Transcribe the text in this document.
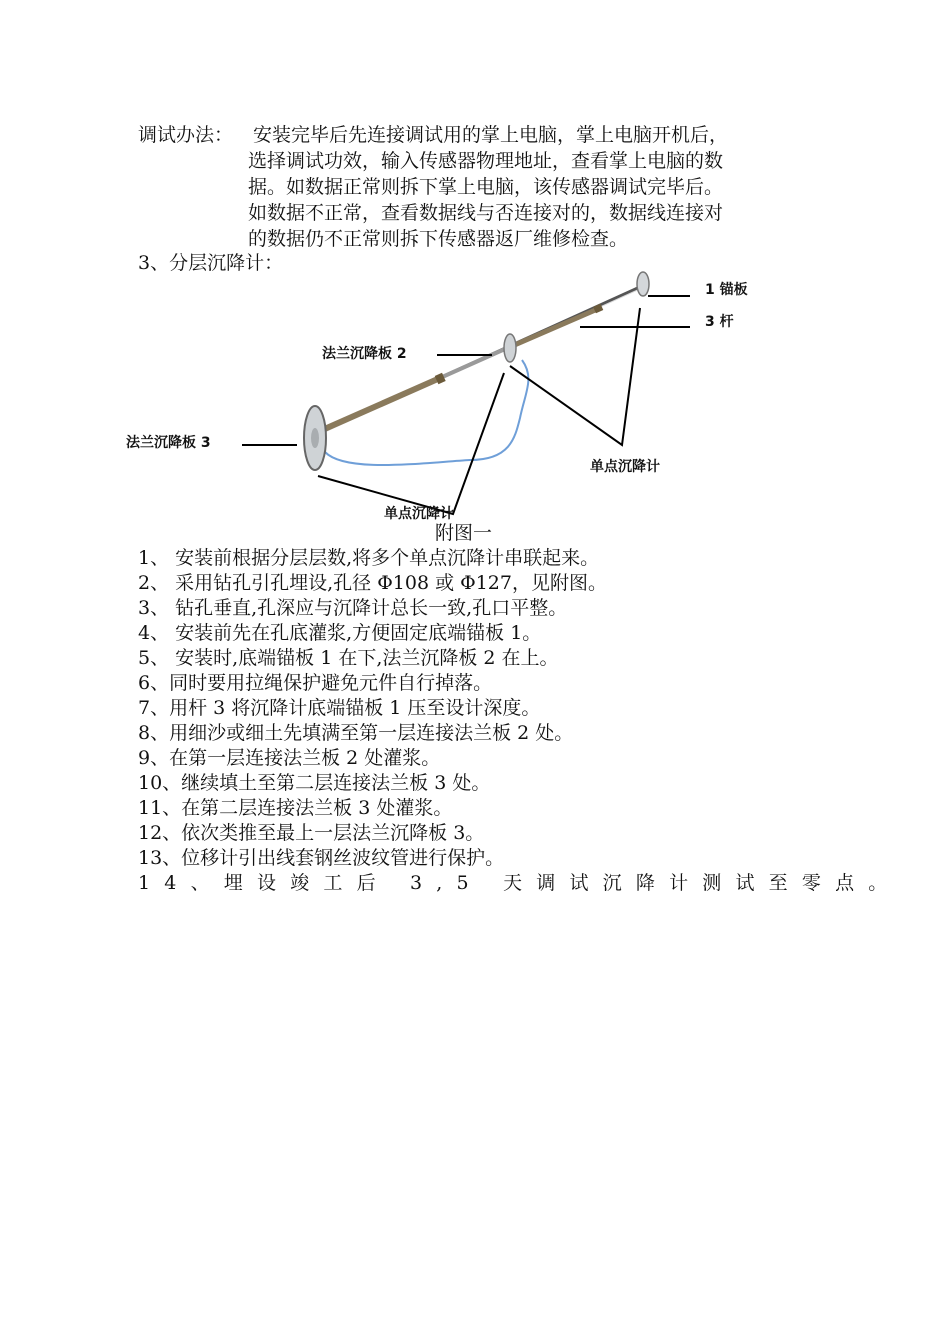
调试办法： 安装完毕后先连接调试用的掌上电脑，掌上电脑开机后，
选择调试功效，输入传感器物理地址，查看掌上电脑的数
据。如数据正常则拆下掌上电脑，该传感器调试完毕后。
如数据不正常，查看数据线与否连接对的，数据线连接对
的数据仍不正常则拆下传感器返厂维修检查。
3、分层沉降计：
1 锚板
3 杆
法兰沉降板 2
法兰沉降板 3
单点沉降计
单点沉降计
附图一
1、 安装前根据分层层数,将多个单点沉降计串联起来。
2、 采用钻孔引孔埋设,孔径 Φ108 或 Φ127，见附图。
3、 钻孔垂直,孔深应与沉降计总长一致,孔口平整。
4、 安装前先在孔底灌浆,方便固定底端锚板 1。
5、 安装时,底端锚板 1 在下,法兰沉降板 2 在上。
6、同时要用拉绳保护避免元件自行掉落。
7、用杆 3 将沉降计底端锚板 1 压至设计深度。
8、用细沙或细土先填满至第一层连接法兰板 2 处。
9、在第一层连接法兰板 2 处灌浆。
10、继续填土至第二层连接法兰板 3 处。
11、在第二层连接法兰板 3 处灌浆。
12、依次类推至最上一层法兰沉降板 3。
13、位移计引出线套钢丝波纹管进行保护。
14、埋设竣工后 3,5 天调试沉降计测试至零点。
